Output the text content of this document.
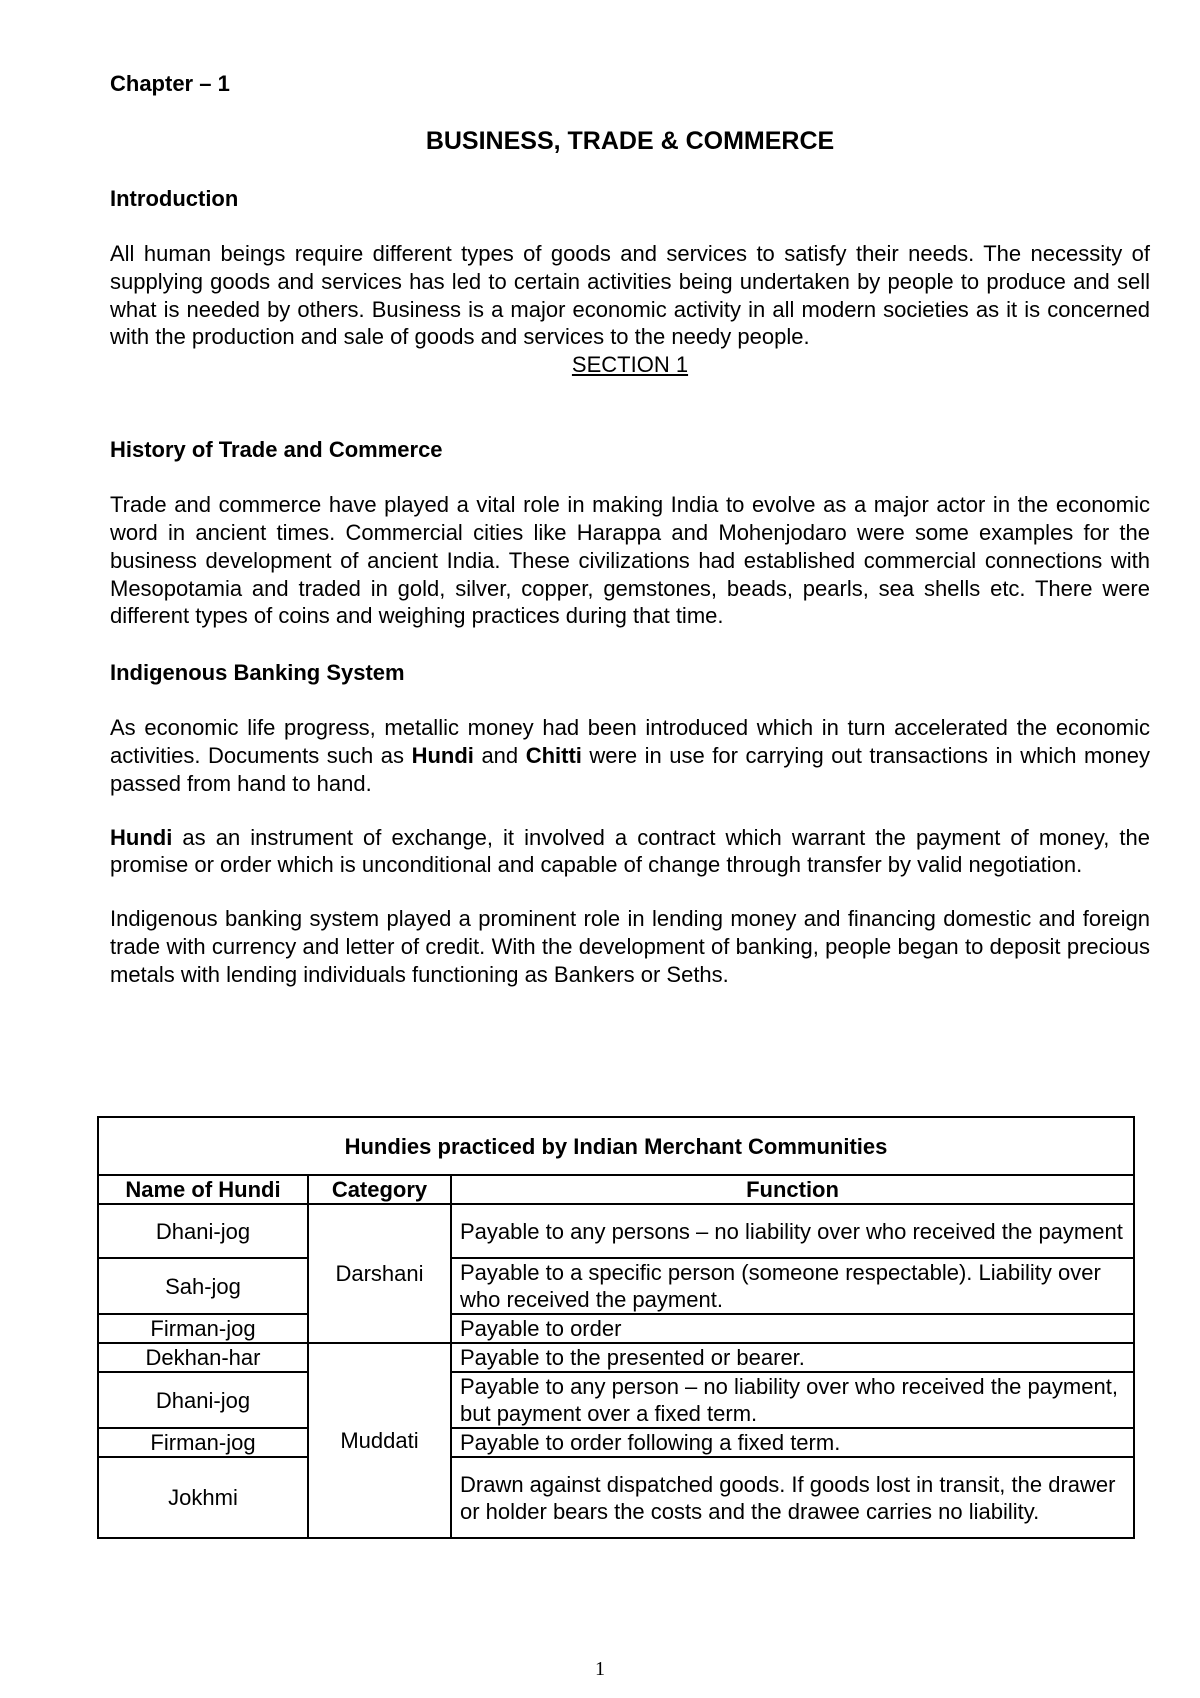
Chapter – 1

BUSINESS, TRADE & COMMERCE
Introduction

All human beings require different types of goods and services to satisfy their needs. The necessity of supplying goods and services has led to certain activities being undertaken by people to produce and sell what is needed by others. Business is a major economic activity in all modern societies as it is concerned with the production and sale of goods and services to the needy people.

SECTION 1

History of Trade and Commerce

Trade and commerce have played a vital role in making India to evolve as a major actor in the economic word in ancient times. Commercial cities like Harappa and Mohenjodaro were some examples for the business development of ancient India. These civilizations had established commercial connections with Mesopotamia and traded in gold, silver, copper, gemstones, beads, pearls, sea shells etc. There were different types of coins and weighing practices during that time.

Indigenous Banking System

As economic life progress, metallic money had been introduced which in turn accelerated the economic activities. Documents such as Hundi and Chitti were in use for carrying out transactions in which money passed from hand to hand.

Hundi as an instrument of exchange, it involved a contract which warrant the payment of money, the promise or order which is unconditional and capable of change through transfer by valid negotiation.

Indigenous banking system played a prominent role in lending money and financing domestic and foreign trade with currency and letter of credit. With the development of banking, people began to deposit precious metals with lending individuals functioning as Bankers or Seths.

Hundies practiced by Indian Merchant Communities		
Name of Hundi	Category	Function
Dhani-jog	Darshani	Payable to any persons – no liability over who received the payment
Sah-jog		Payable to a specific person (someone respectable). Liability over who received the payment.
Firman-jog		Payable to order
Dekhan-har	Muddati	Payable to the presented or bearer.
Dhani-jog		Payable to any person – no liability over who received the payment, but payment over a fixed term.
Firman-jog		Payable to order following a fixed term.
Jokhmi		Drawn against dispatched goods. If goods lost in transit, the drawer or holder bears the costs and the drawee carries no liability.
1
